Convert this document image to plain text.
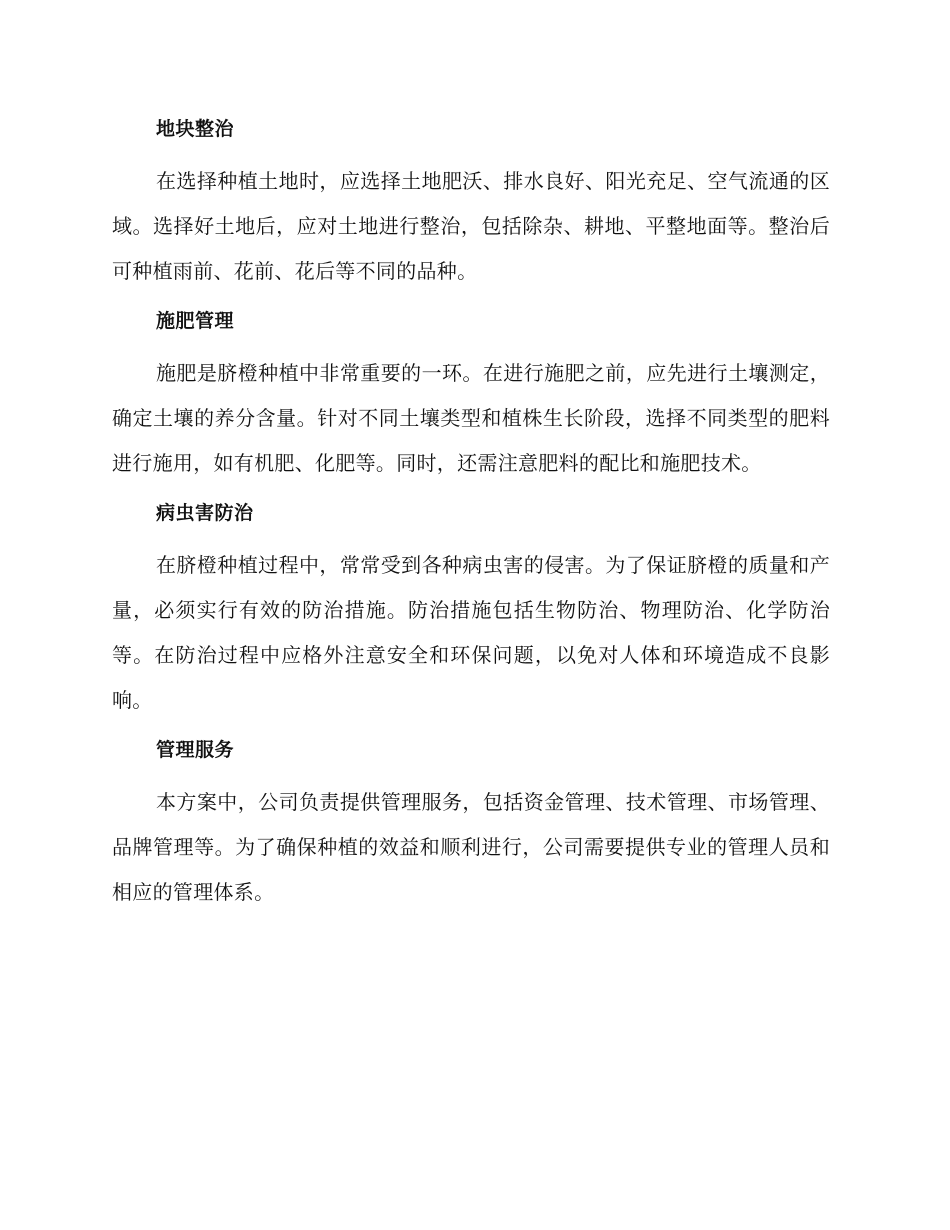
地块整治

在选择种植土地时，应选择土地肥沃、排水良好、阳光充足、空气流通的区域。选择好土地后，应对土地进行整治，包括除杂、耕地、平整地面等。整治后可种植雨前、花前、花后等不同的品种。

施肥管理

施肥是脐橙种植中非常重要的一环。在进行施肥之前，应先进行土壤测定，确定土壤的养分含量。针对不同土壤类型和植株生长阶段，选择不同类型的肥料进行施用，如有机肥、化肥等。同时，还需注意肥料的配比和施肥技术。

病虫害防治

在脐橙种植过程中，常常受到各种病虫害的侵害。为了保证脐橙的质量和产量，必须实行有效的防治措施。防治措施包括生物防治、物理防治、化学防治等。在防治过程中应格外注意安全和环保问题，以免对人体和环境造成不良影响。

管理服务

本方案中，公司负责提供管理服务，包括资金管理、技术管理、市场管理、品牌管理等。为了确保种植的效益和顺利进行，公司需要提供专业的管理人员和相应的管理体系。
